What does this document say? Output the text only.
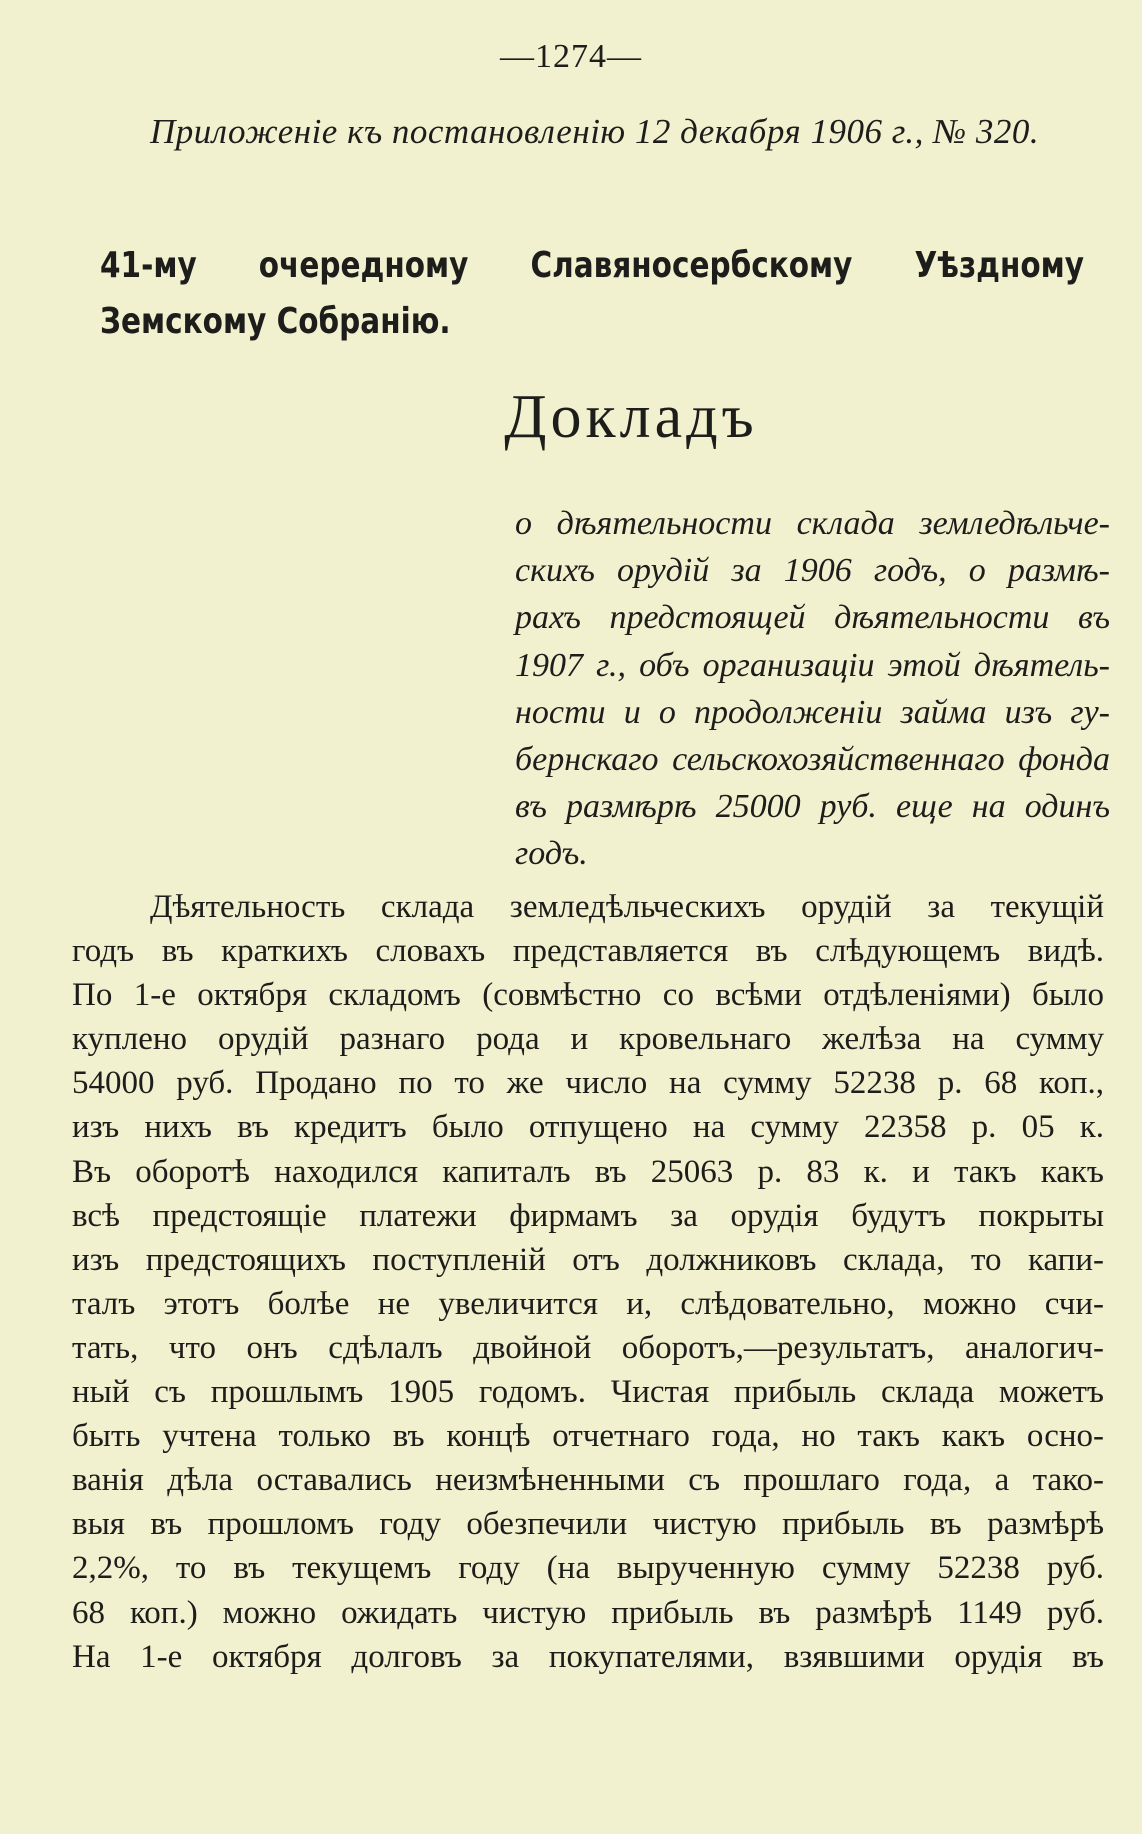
—1274—
Приложеніе къ постановленію 12 декабря 1906 г., № 320.
41-му очередному Славяносербскому Уѣздному Земскому Собранію.
Докладъ
о дѣятельности склада земледѣльче-
скихъ орудій за 1906 годъ, о размѣ-
рахъ предстоящей дѣятельности въ
1907 г., объ организаціи этой дѣятель-
ности и о продолженіи займа изъ гу-
бернскаго сельскохозяйственнаго фонда
въ размѣрѣ 25000 руб. еще на одинъ
годъ.
Дѣятельность склада земледѣльческихъ орудій за текущій
годъ въ краткихъ словахъ представляется въ слѣдующемъ видѣ.
По 1-е октября складомъ (совмѣстно со всѣми отдѣленіями) было
куплено орудій разнаго рода и кровельнаго желѣза на сумму
54000 руб. Продано по то же число на сумму 52238 р. 68 коп.,
изъ нихъ въ кредитъ было отпущено на сумму 22358 р. 05 к.
Въ оборотѣ находился капиталъ въ 25063 р. 83 к. и такъ какъ
всѣ предстоящіе платежи фирмамъ за орудія будутъ покрыты
изъ предстоящихъ поступленій отъ должниковъ склада, то капи-
талъ этотъ болѣе не увеличится и, слѣдовательно, можно счи-
тать, что онъ сдѣлалъ двойной оборотъ,—результатъ, аналогич-
ный съ прошлымъ 1905 годомъ. Чистая прибыль склада можетъ
быть учтена только въ концѣ отчетнаго года, но такъ какъ осно-
ванія дѣла оставались неизмѣненными съ прошлаго года, а тако-
выя въ прошломъ году обезпечили чистую прибыль въ размѣрѣ
2,2%, то въ текущемъ году (на вырученную сумму 52238 руб.
68 коп.) можно ожидать чистую прибыль въ размѣрѣ 1149 руб.
На 1-е октября долговъ за покупателями, взявшими орудія въ
